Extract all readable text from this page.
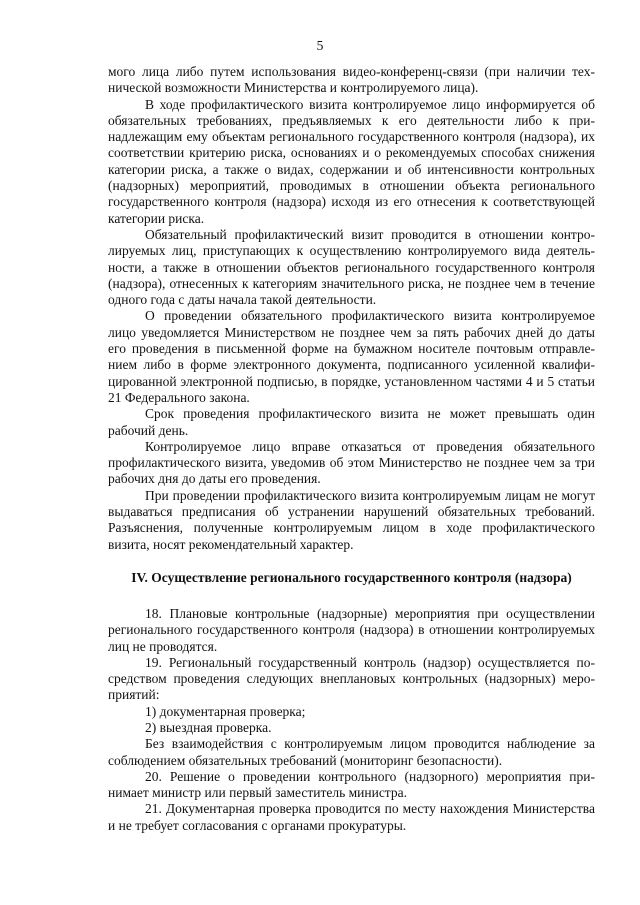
5

мого лица либо путем использования видео-конференц-связи (при наличии технической возможности Министерства и контролируемого лица).

В ходе профилактического визита контролируемое лицо информируется об обязательных требованиях, предъявляемых к его деятельности либо к принадлежащим ему объектам регионального государственного контроля (надзора), их соответствии критерию риска, основаниях и о рекомендуемых способах снижения категории риска, а также о видах, содержании и об интенсивности контрольных (надзорных) мероприятий, проводимых в отношении объекта регионального государственного контроля (надзора) исходя из его отнесения к соответствующей категории риска.

Обязательный профилактический визит проводится в отношении контролируемых лиц, приступающих к осуществлению контролируемого вида деятельности, а также в отношении объектов регионального государственного контроля (надзора), отнесенных к категориям значительного риска, не позднее чем в течение одного года с даты начала такой деятельности.

О проведении обязательного профилактического визита контролируемое лицо уведомляется Министерством не позднее чем за пять рабочих дней до даты его проведения в письменной форме на бумажном носителе почтовым отправлением либо в форме электронного документа, подписанного усиленной квалифицированной электронной подписью, в порядке, установленном частями 4 и 5 статьи 21 Федерального закона.

Срок проведения профилактического визита не может превышать один рабочий день.

Контролируемое лицо вправе отказаться от проведения обязательного профилактического визита, уведомив об этом Министерство не позднее чем за три рабочих дня до даты его проведения.

При проведении профилактического визита контролируемым лицам не могут выдаваться предписания об устранении нарушений обязательных требований. Разъяснения, полученные контролируемым лицом в ходе профилактического визита, носят рекомендательный характер.

IV. Осуществление регионального государственного контроля (надзора)

18. Плановые контрольные (надзорные) мероприятия при осуществлении регионального государственного контроля (надзора) в отношении контролируемых лиц не проводятся.

19. Региональный государственный контроль (надзор) осуществляется посредством проведения следующих внеплановых контрольных (надзорных) мероприятий:

1) документарная проверка;

2) выездная проверка.

Без взаимодействия с контролируемым лицом проводится наблюдение за соблюдением обязательных требований (мониторинг безопасности).

20. Решение о проведении контрольного (надзорного) мероприятия принимает министр или первый заместитель министра.

21. Документарная проверка проводится по месту нахождения Министерства и не требует согласования с органами прокуратуры.
